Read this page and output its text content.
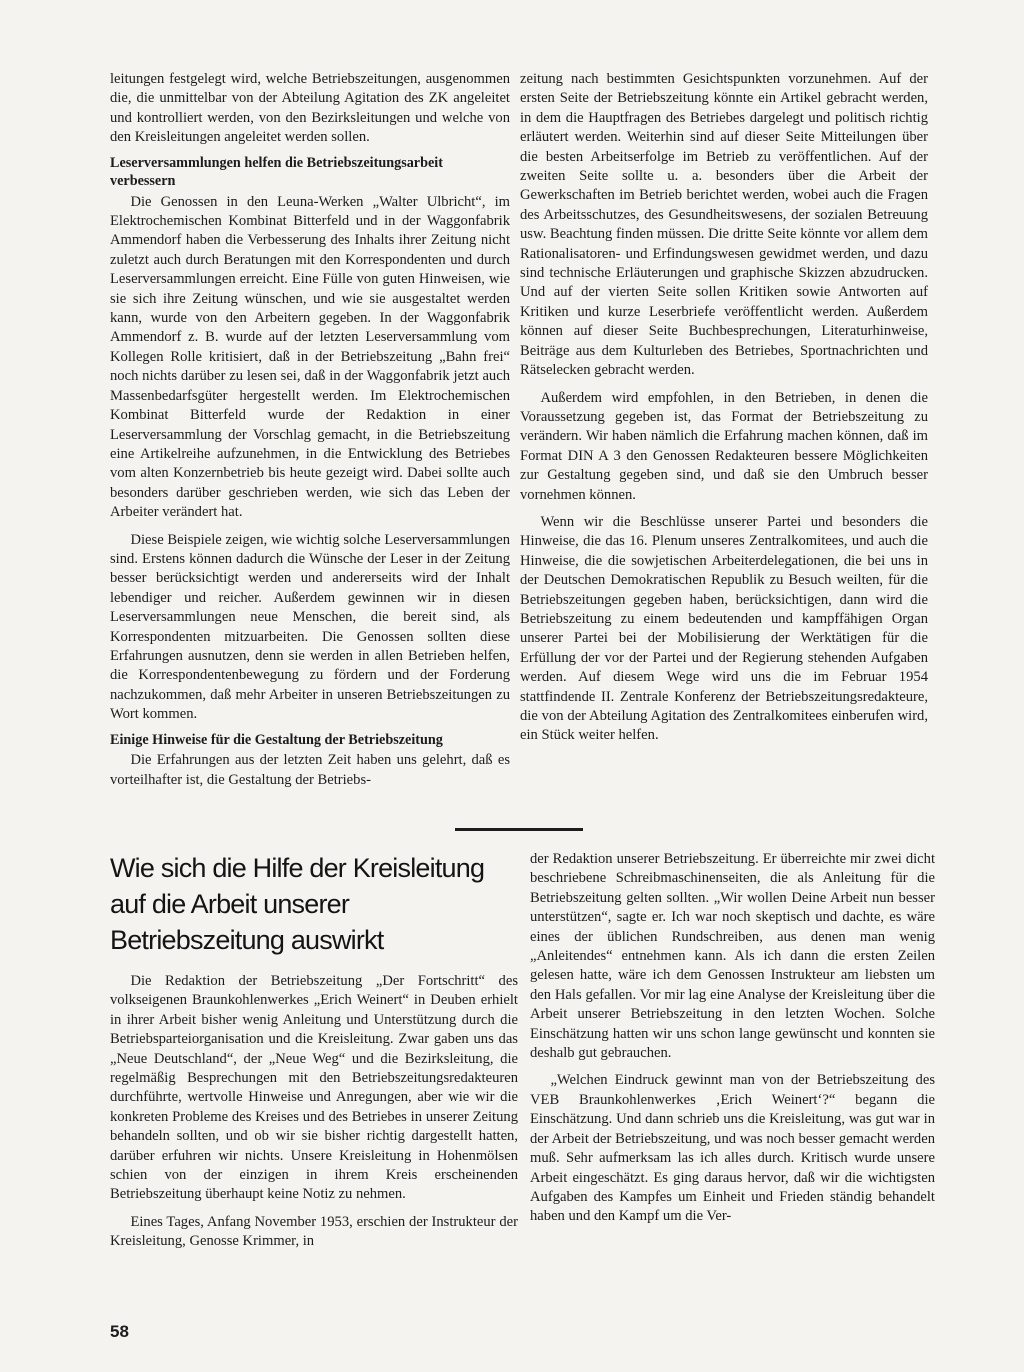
leitungen festgelegt wird, welche Betriebszeitungen, ausgenommen die, die unmittelbar von der Abteilung Agitation des ZK angeleitet und kontrolliert werden, von den Bezirksleitungen und welche von den Kreisleitungen angeleitet werden sollen.

Leserversammlungen helfen die Betriebszeitungsarbeit verbessern

Die Genossen in den Leuna-Werken „Walter Ulbricht“, im Elektrochemischen Kombinat Bitterfeld und in der Waggonfabrik Ammendorf haben die Verbesserung des Inhalts ihrer Zeitung nicht zuletzt auch durch Beratungen mit den Korrespondenten und durch Leserversammlungen erreicht. Eine Fülle von guten Hinweisen, wie sie sich ihre Zeitung wünschen, und wie sie ausgestaltet werden kann, wurde von den Arbeitern gegeben. In der Waggonfabrik Ammendorf z. B. wurde auf der letzten Leserversammlung vom Kollegen Rolle kritisiert, daß in der Betriebszeitung „Bahn frei“ noch nichts darüber zu lesen sei, daß in der Waggonfabrik jetzt auch Massenbedarfsgüter hergestellt werden. Im Elektrochemischen Kombinat Bitterfeld wurde der Redaktion in einer Leserversammlung der Vorschlag gemacht, in die Betriebszeitung eine Artikelreihe aufzunehmen, in die Entwicklung des Betriebes vom alten Konzernbetrieb bis heute gezeigt wird. Dabei sollte auch besonders darüber geschrieben werden, wie sich das Leben der Arbeiter verändert hat.

Diese Beispiele zeigen, wie wichtig solche Leserversammlungen sind. Erstens können dadurch die Wünsche der Leser in der Zeitung besser berücksichtigt werden und andererseits wird der Inhalt lebendiger und reicher. Außerdem gewinnen wir in diesen Leserversammlungen neue Menschen, die bereit sind, als Korrespondenten mitzuarbeiten. Die Genossen sollten diese Erfahrungen ausnutzen, denn sie werden in allen Betrieben helfen, die Korrespondentenbewegung zu fördern und der Forderung nachzukommen, daß mehr Arbeiter in unseren Betriebszeitungen zu Wort kommen.

Einige Hinweise für die Gestaltung der Betriebszeitung

Die Erfahrungen aus der letzten Zeit haben uns gelehrt, daß es vorteilhafter ist, die Gestaltung der Betriebs-

zeitung nach bestimmten Gesichtspunkten vorzunehmen. Auf der ersten Seite der Betriebszeitung könnte ein Artikel gebracht werden, in dem die Hauptfragen des Betriebes dargelegt und politisch richtig erläutert werden. Weiterhin sind auf dieser Seite Mitteilungen über die besten Arbeitserfolge im Betrieb zu veröffentlichen. Auf der zweiten Seite sollte u. a. besonders über die Arbeit der Gewerkschaften im Betrieb berichtet werden, wobei auch die Fragen des Arbeitsschutzes, des Gesundheitswesens, der sozialen Betreuung usw. Beachtung finden müssen. Die dritte Seite könnte vor allem dem Rationalisatoren- und Erfindungswesen gewidmet werden, und dazu sind technische Erläuterungen und graphische Skizzen abzudrucken. Und auf der vierten Seite sollen Kritiken sowie Antworten auf Kritiken und kurze Leserbriefe veröffentlicht werden. Außerdem können auf dieser Seite Buchbesprechungen, Literaturhinweise, Beiträge aus dem Kulturleben des Betriebes, Sportnachrichten und Rätselecken gebracht werden.

Außerdem wird empfohlen, in den Betrieben, in denen die Voraussetzung gegeben ist, das Format der Betriebszeitung zu verändern. Wir haben nämlich die Erfahrung machen können, daß im Format DIN A 3 den Genossen Redakteuren bessere Möglichkeiten zur Gestaltung gegeben sind, und daß sie den Umbruch besser vornehmen können.

Wenn wir die Beschlüsse unserer Partei und besonders die Hinweise, die das 16. Plenum unseres Zentralkomitees, und auch die Hinweise, die die sowjetischen Arbeiterdelegationen, die bei uns in der Deutschen Demokratischen Republik zu Besuch weilten, für die Betriebszeitungen gegeben haben, berücksichtigen, dann wird die Betriebszeitung zu einem bedeutenden und kampffähigen Organ unserer Partei bei der Mobilisierung der Werktätigen für die Erfüllung der vor der Partei und der Regierung stehenden Aufgaben werden. Auf diesem Wege wird uns die im Februar 1954 stattfindende II. Zentrale Konferenz der Betriebszeitungsredakteure, die von der Abteilung Agitation des Zentralkomitees einberufen wird, ein Stück weiter helfen.

Wie sich die Hilfe der Kreisleitung auf die Arbeit unserer Betriebszeitung auswirkt

Die Redaktion der Betriebszeitung „Der Fortschritt“ des volkseigenen Braunkohlenwerkes „Erich Weinert“ in Deuben erhielt in ihrer Arbeit bisher wenig Anleitung und Unterstützung durch die Betriebsparteiorganisation und die Kreisleitung. Zwar gaben uns das „Neue Deutschland“, der „Neue Weg“ und die Bezirksleitung, die regelmäßig Besprechungen mit den Betriebszeitungsredakteuren durchführte, wertvolle Hinweise und Anregungen, aber wie wir die konkreten Probleme des Kreises und des Betriebes in unserer Zeitung behandeln sollten, und ob wir sie bisher richtig dargestellt hatten, darüber erfuhren wir nichts. Unsere Kreisleitung in Hohenmölsen schien von der einzigen in ihrem Kreis erscheinenden Betriebszeitung überhaupt keine Notiz zu nehmen.

Eines Tages, Anfang November 1953, erschien der Instrukteur der Kreisleitung, Genosse Krimmer, in

der Redaktion unserer Betriebszeitung. Er überreichte mir zwei dicht beschriebene Schreibmaschinenseiten, die als Anleitung für die Betriebszeitung gelten sollten. „Wir wollen Deine Arbeit nun besser unterstützen“, sagte er. Ich war noch skeptisch und dachte, es wäre eines der üblichen Rundschreiben, aus denen man wenig „Anleitendes“ entnehmen kann. Als ich dann die ersten Zeilen gelesen hatte, wäre ich dem Genossen Instrukteur am liebsten um den Hals gefallen. Vor mir lag eine Analyse der Kreisleitung über die Arbeit unserer Betriebszeitung in den letzten Wochen. Solche Einschätzung hatten wir uns schon lange gewünscht und konnten sie deshalb gut gebrauchen.

„Welchen Eindruck gewinnt man von der Betriebszeitung des VEB Braunkohlenwerkes ‚Erich Weinert‘?“ begann die Einschätzung. Und dann schrieb uns die Kreisleitung, was gut war in der Arbeit der Betriebszeitung, und was noch besser gemacht werden muß. Sehr aufmerksam las ich alles durch. Kritisch wurde unsere Arbeit eingeschätzt. Es ging daraus hervor, daß wir die wichtigsten Aufgaben des Kampfes um Einheit und Frieden ständig behandelt haben und den Kampf um die Ver-

58
